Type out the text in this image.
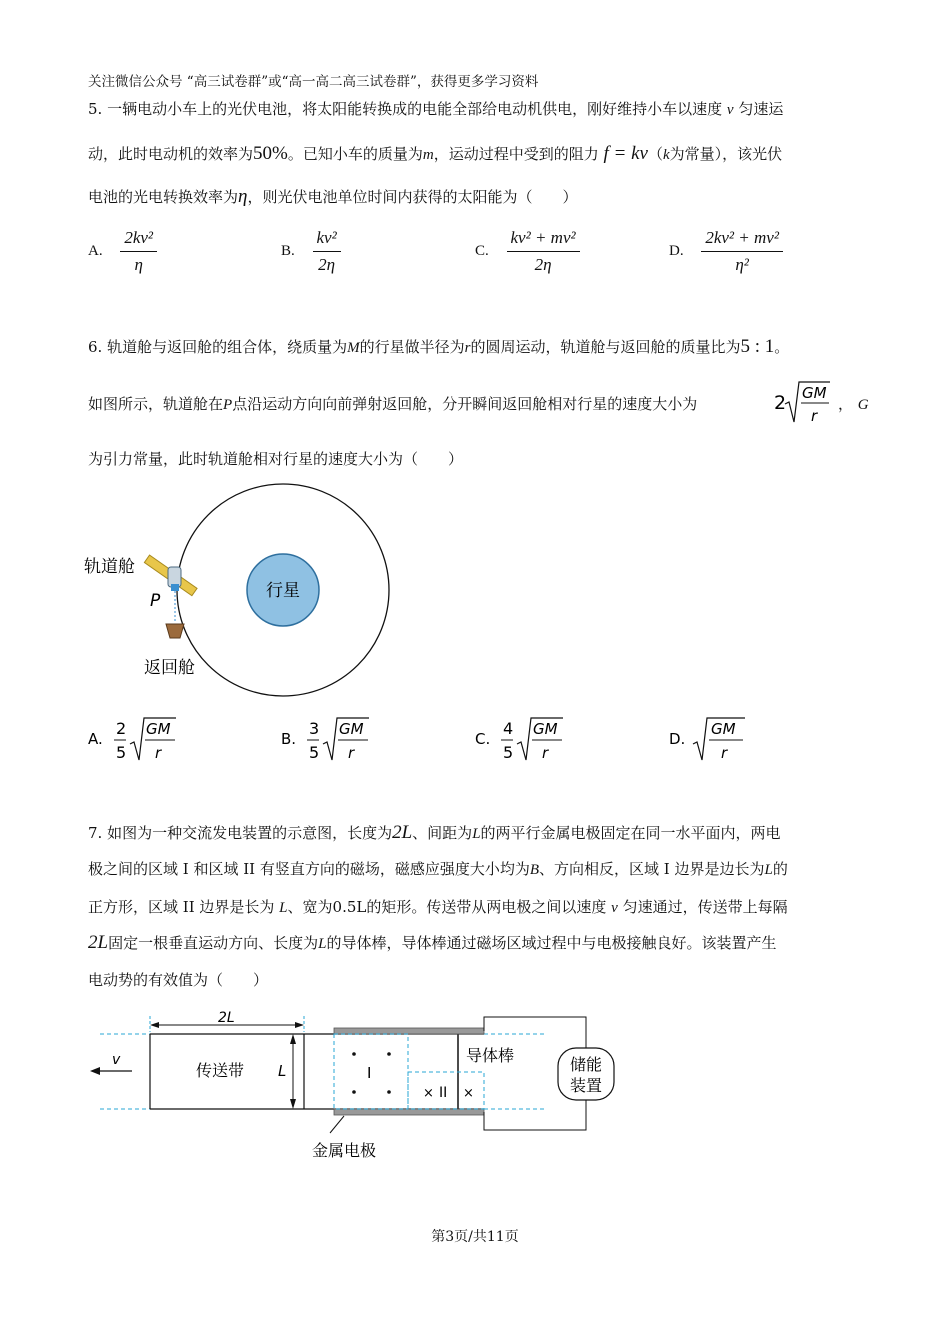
关注微信公众号 “高三试卷群”或“高一高二高三试卷群”，获得更多学习资料
5. 一辆电动小车上的光伏电池，将太阳能转换成的电能全部给电动机供电，刚好维持小车以速度 v 匀速运
动，此时电动机的效率为50%。已知小车的质量为m，运动过程中受到的阻力 f = kv（k为常量），该光伏
电池的光电转换效率为η，则光伏电池单位时间内获得的太阳能为（　　）
A. $\frac{\text{2kv²}}{\eta}$	B. $\frac{\text{kv²}}{2\eta}$	C. $\frac{\text{kv² + mv²}}{2\eta}$	D. $\frac{\text{2kv² + mv²}}{\text{η²}}$
6. 轨道舱与返回舱的组合体，绕质量为M的行星做半径为r的圆周运动，轨道舱与返回舱的质量比为5 : 1。
如图所示，轨道舱在P点沿运动方向向前弹射返回舱，分开瞬间返回舱相对行星的速度大小为	2 GM
r
， G
为引力常量，此时轨道舱相对行星的速度大小为（　　）
行星
轨道舱
P
返回舱
A.
2
5
GM
r
B.
3
5
GM
r
C.
4
5
GM
r
D.
GM
r
7. 如图为一种交流发电装置的示意图，长度为2L、间距为L的两平行金属电极固定在同一水平面内，两电
极之间的区域 I 和区域 II 有竖直方向的磁场，磁感应强度大小均为B、方向相反，区域 I 边界是边长为L的
正方形，区域 II 边界是长为 L、宽为0.5L的矩形。传送带从两电极之间以速度 v 匀速通过，传送带上每隔
2L固定一根垂直运动方向、长度为L的导体棒，导体棒通过磁场区域过程中与电极接触良好。该装置产生
电动势的有效值为（　　）
2L
L
v
传送带	I
× II ×
导体棒	储能
装置
金属电极
第3页/共11页
